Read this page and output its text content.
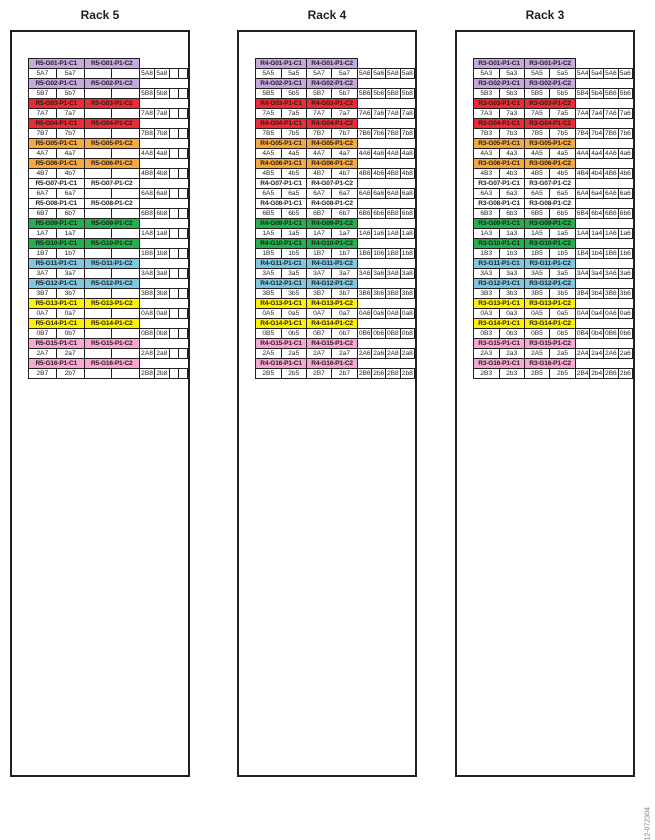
Rack 5	Rack 4	Rack 3
R5-G01-P1-C1		R5-G01-P1-C2					
5A7	5a7			5A8	5a8		
R5-G02-P1-C1		R5-G02-P1-C2					
5B7	5b7			5B8	5b8		
R5-G03-P1-C1		R5-G03-P1-C2					
7A7	7a7			7A8	7a8		
R5-G04-P1-C1		R5-G04-P1-C2					
7B7	7b7			7B8	7b8		
R5-G05-P1-C1		R5-G05-P1-C2					
4A7	4a7			4A8	4a8		
R5-G06-P1-C1		R5-G06-P1-C2					
4B7	4b7			4B8	4b8		
R5-G07-P1-C1		R5-G07-P1-C2					
6A7	6a7			6A8	6a8		
R5-G08-P1-C1		R5-G08-P1-C2					
6B7	6b7			6B8	6b8		
R5-G09-P1-C1		R5-G09-P1-C2					
1A7	1a7			1A8	1a8		
R5-G10-P1-C1		R5-G10-P1-C2					
1B7	1b7			1B8	1b8		
R5-G11-P1-C1		R5-G11-P1-C2					
3A7	3a7			3A8	3a8		
R5-G12-P1-C1		R5-G12-P1-C2					
3B7	3b7			3B8	3b8		
R5-G13-P1-C1		R5-G13-P1-C2					
0A7	0a7			0A8	0a8		
R5-G14-P1-C1		R5-G14-P1-C2					
0B7	0b7			0B8	0b8		
R5-G15-P1-C1		R5-G15-P1-C2					
2A7	2a7			2A8	2a8		
R5-G16-P1-C1		R5-G16-P1-C2					
2B7	2b7			2B8	2b8		
R4-G01-P1-C1		R4-G01-P1-C2					
5A5	5a5	5A7	5a7	5A6	5a6	5A8	5a8
R4-G02-P1-C1		R4-G02-P1-C2					
5B5	5b5	5B7	5b7	5B6	5b6	5B8	5b8
R4-G03-P1-C1		R4-G03-P1-C2					
7A5	7a5	7A7	7a7	7A6	7a6	7A8	7a8
R4-G04-P1-C1		R4-G04-P1-C2					
7B5	7b5	7B7	7b7	7B6	7b6	7B8	7b8
R4-G05-P1-C1		R4-G05-P1-C2					
4A5	4a5	4A7	4a7	4A6	4a6	4A8	4a8
R4-G06-P1-C1		R4-G06-P1-C2					
4B5	4b5	4B7	4b7	4B6	4b6	4B8	4b8
R4-G07-P1-C1		R4-G07-P1-C2					
6A5	6a5	6A7	6a7	6A6	6a6	6A8	6a8
R4-G08-P1-C1		R4-G08-P1-C2					
6B5	6b5	6B7	6b7	6B6	6b6	6B8	6b8
R4-G09-P1-C1		R4-G09-P1-C2					
1A5	1a5	1A7	1a7	1A6	1a6	1A8	1a8
R4-G10-P1-C1		R4-G10-P1-C2					
1B5	1b5	1B7	1b7	1B6	1b6	1B8	1b8
R4-G11-P1-C1		R4-G11-P1-C2					
3A5	3a5	3A7	3a7	3A6	3a6	3A8	3a8
R4-G12-P1-C1		R4-G12-P1-C2					
3B5	3b5	3B7	3b7	3B6	3b6	3B8	3b8
R4-G13-P1-C1		R4-G13-P1-C2					
0A5	0a5	0A7	0a7	0A6	0a6	0A8	0a8
R4-G14-P1-C1		R4-G14-P1-C2					
0B5	0b5	0B7	0b7	0B6	0b6	0B8	0b8
R4-G15-P1-C1		R4-G15-P1-C2					
2A5	2a5	2A7	2a7	2A6	2a6	2A8	2a8
R4-G16-P1-C1		R4-G16-P1-C2					
2B5	2b5	2B7	2b7	2B6	2b6	2B8	2b8
R3-G01-P1-C1		R3-G01-P1-C2					
5A3	5a3	5A5	5a5	5A4	5a4	5A6	5a6
R3-G02-P1-C1		R3-G02-P1-C2					
5B3	5b3	5B5	5b5	5B4	5b4	5B6	5b6
R3-G03-P1-C1		R3-G03-P1-C2					
7A3	7a3	7A5	7a5	7A4	7a4	7A6	7a6
R3-G04-P1-C1		R3-G04-P1-C2					
7B3	7b3	7B5	7b5	7B4	7b4	7B6	7b6
R3-G05-P1-C1		R3-G05-P1-C2					
4A3	4a3	4A5	4a5	4A4	4a4	4A6	4a6
R3-G06-P1-C1		R3-G06-P1-C2					
4B3	4b3	4B5	4b5	4B4	4b4	4B6	4b6
R3-G07-P1-C1		R3-G07-P1-C2					
6A3	6a3	6A5	6a5	6A4	6a4	6A6	6a6
R3-G08-P1-C1		R3-G08-P1-C2					
6B3	6b3	6B5	6b5	6B4	6b4	6B6	6b6
R3-G09-P1-C1		R3-G09-P1-C2					
1A3	1a3	1A5	1a5	1A4	1a4	1A6	1a6
R3-G10-P1-C1		R3-G10-P1-C2					
1B3	1b3	1B5	1b5	1B4	1b4	1B6	1b6
R3-G11-P1-C1		R3-G11-P1-C2					
3A3	3a3	3A5	3a5	3A4	3a4	3A6	3a6
R3-G12-P1-C1		R3-G12-P1-C2					
3B3	3b3	3B5	3b5	3B4	3b4	3B6	3b6
R3-G13-P1-C1		R3-G13-P1-C2					
0A3	0a3	0A5	0a5	0A4	0a4	0A6	0a6
R3-G14-P1-C1		R3-G14-P1-C2					
0B3	0b3	0B5	0b5	0B4	0b4	0B6	0b6
R3-G15-P1-C1		R3-G15-P1-C2					
2A3	2a3	2A5	2a5	2A4	2a4	2A6	2a6
R3-G16-P1-C1		R3-G16-P1-C2					
2B3	2b3	2B5	2b5	2B4	2b4	2B6	2b6
12-072304
